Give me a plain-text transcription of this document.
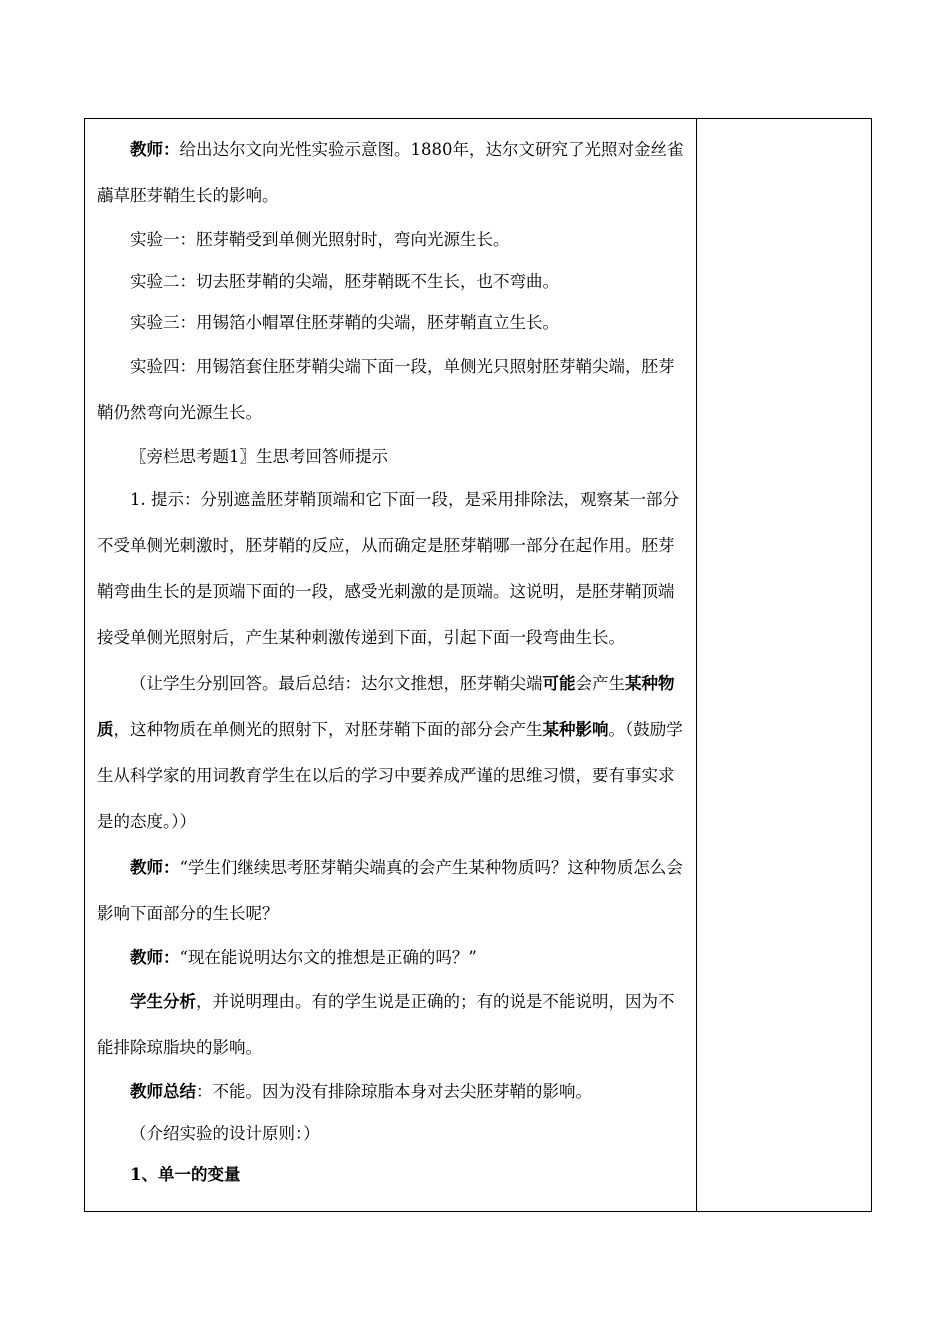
教师：给出达尔文向光性实验示意图。1880年，达尔文研究了光照对金丝雀虉草胚芽鞘生长的影响。

实验一：胚芽鞘受到单侧光照射时，弯向光源生长。

实验二：切去胚芽鞘的尖端，胚芽鞘既不生长，也不弯曲。

实验三：用锡箔小帽罩住胚芽鞘的尖端，胚芽鞘直立生长。

实验四：用锡箔套住胚芽鞘尖端下面一段，单侧光只照射胚芽鞘尖端，胚芽鞘仍然弯向光源生长。

〖旁栏思考题1〗生思考回答师提示

1. 提示：分别遮盖胚芽鞘顶端和它下面一段，是采用排除法，观察某一部分不受单侧光刺激时，胚芽鞘的反应，从而确定是胚芽鞘哪一部分在起作用。胚芽鞘弯曲生长的是顶端下面的一段，感受光刺激的是顶端。这说明，是胚芽鞘顶端接受单侧光照射后，产生某种刺激传递到下面，引起下面一段弯曲生长。

（让学生分别回答。最后总结：达尔文推想，胚芽鞘尖端可能会产生某种物质，这种物质在单侧光的照射下，对胚芽鞘下面的部分会产生某种影响。（鼓励学生从科学家的用词教育学生在以后的学习中要养成严谨的思维习惯，要有事实求是的态度。））

教师：“学生们继续思考胚芽鞘尖端真的会产生某种物质吗？这种物质怎么会影响下面部分的生长呢？

教师：“现在能说明达尔文的推想是正确的吗？”

学生分析，并说明理由。有的学生说是正确的；有的说是不能说明，因为不能排除琼脂块的影响。

教师总结：不能。因为没有排除琼脂本身对去尖胚芽鞘的影响。

（介绍实验的设计原则：）

1、单一的变量
